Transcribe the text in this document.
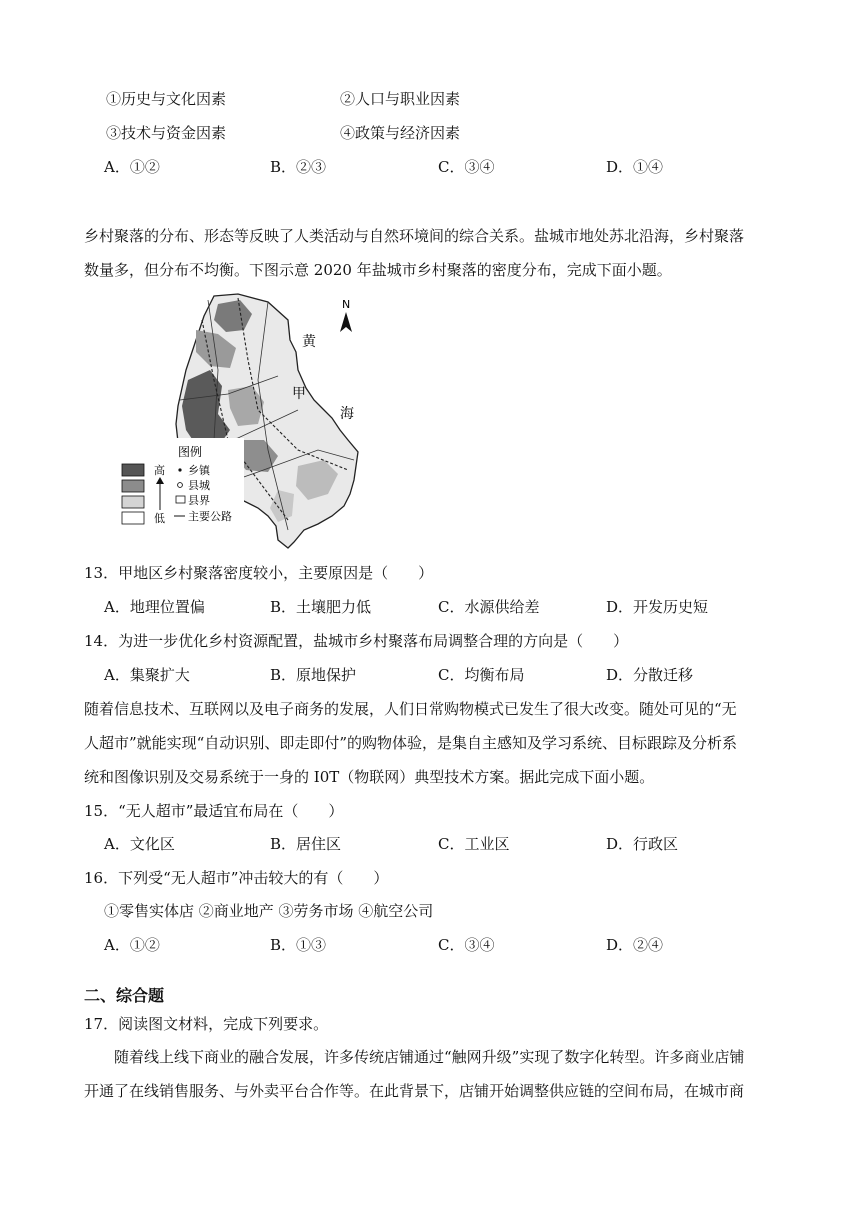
①历史与文化因素	②人口与职业因素
③技术与资金因素	④政策与经济因素
A．①②	B．②③	C．③④	D．①④
乡村聚落的分布、形态等反映了人类活动与自然环境间的综合关系。盐城市地处苏北沿海，乡村聚落
数量多，但分布不均衡。下图示意 2020 年盐城市乡村聚落的密度分布，完成下面小题。
N
黄
甲
海
图例
高
低
乡镇
县城
县界
主要公路
13．甲地区乡村聚落密度较小，主要原因是（　　）
A．地理位置偏	B．土壤肥力低	C．水源供给差	D．开发历史短
14．为进一步优化乡村资源配置，盐城市乡村聚落布局调整合理的方向是（　　）
A．集聚扩大	B．原地保护	C．均衡布局	D．分散迁移
随着信息技术、互联网以及电子商务的发展，人们日常购物模式已发生了很大改变。随处可见的“无
人超市”就能实现“自动识别、即走即付”的购物体验，是集自主感知及学习系统、目标跟踪及分析系
统和图像识别及交易系统于一身的 I0T（物联网）典型技术方案。据此完成下面小题。
15．“无人超市”最适宜布局在（　　）
A．文化区	B．居住区	C．工业区	D．行政区
16．下列受“无人超市”冲击较大的有（　　）
①零售实体店 ②商业地产 ③劳务市场 ④航空公司
A．①②	B．①③	C．③④	D．②④
二、综合题
17．阅读图文材料，完成下列要求。
随着线上线下商业的融合发展，许多传统店铺通过“触网升级”实现了数字化转型。许多商业店铺
开通了在线销售服务、与外卖平台合作等。在此背景下，店铺开始调整供应链的空间布局，在城市商
